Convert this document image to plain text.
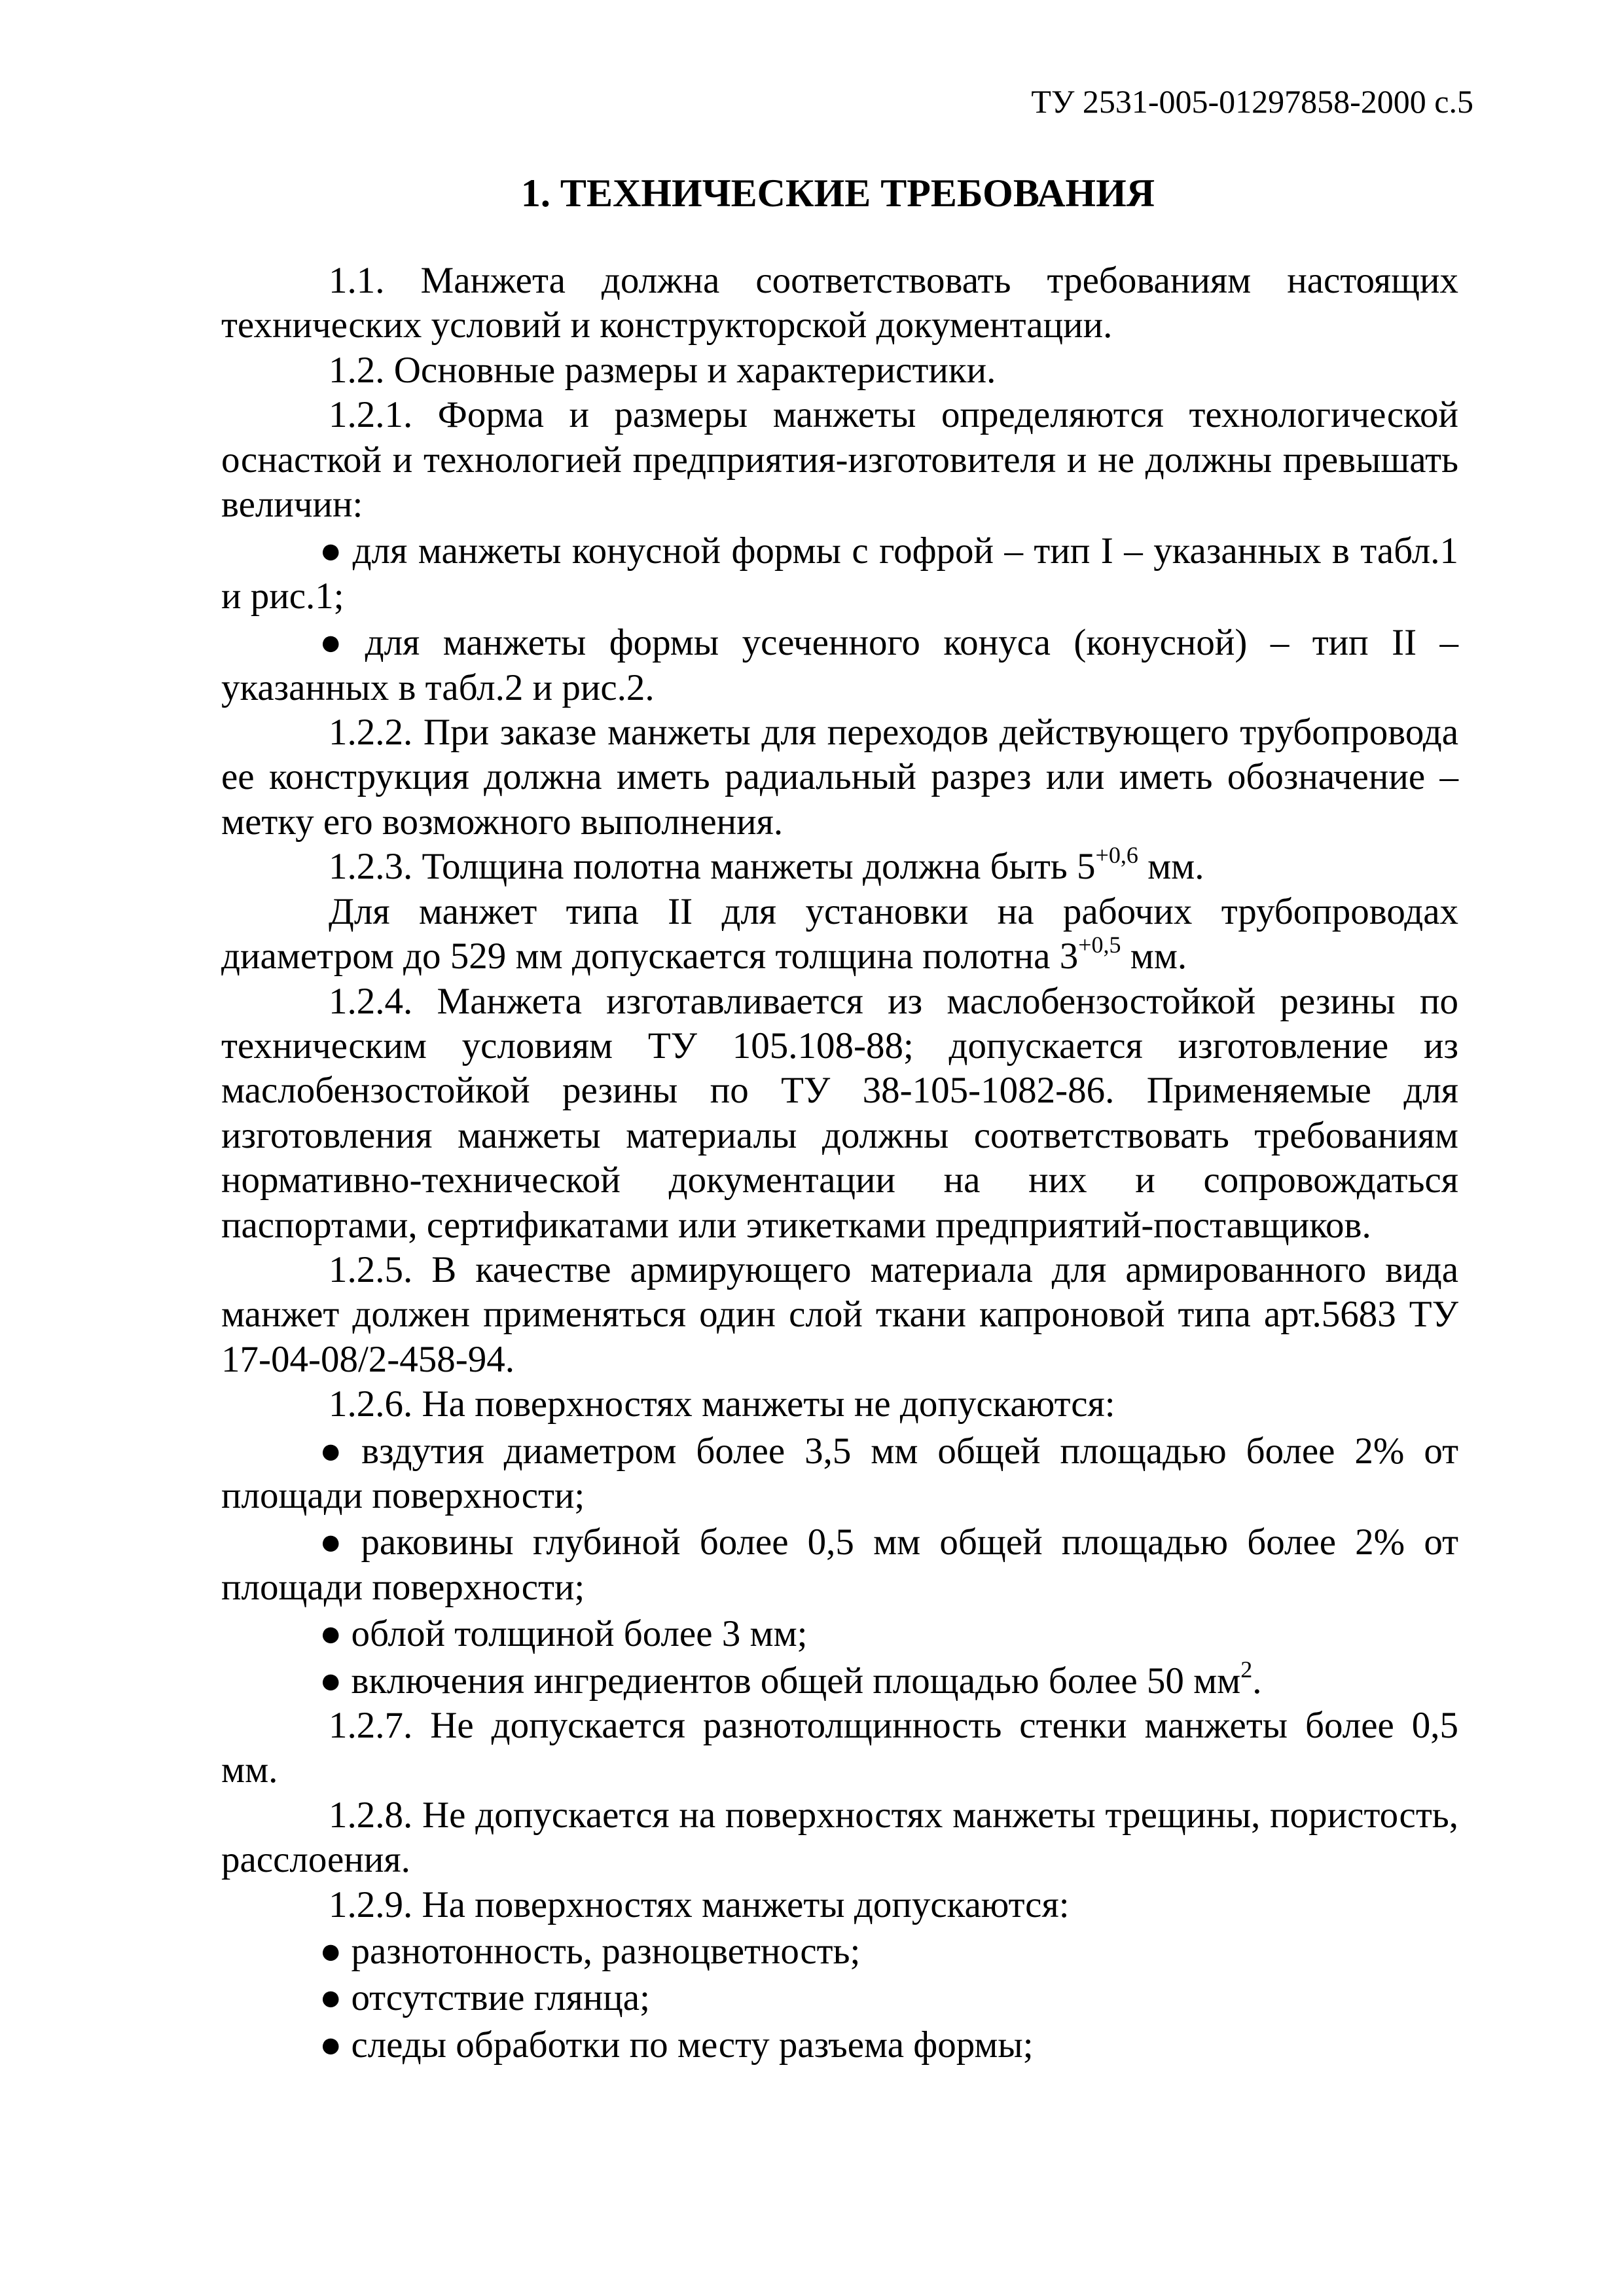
ТУ 2531-005-01297858-2000 с.5
1. ТЕХНИЧЕСКИЕ ТРЕБОВАНИЯ

1.1. Манжета должна соответствовать требованиям настоящих технических условий и конструкторской документации.

1.2. Основные размеры и характеристики.

1.2.1. Форма и размеры манжеты определяются технологической оснасткой и технологией предприятия-изготовителя и не должны превышать величин:

● для манжеты конусной формы с гофрой – тип I – указанных в табл.1 и рис.1;

● для манжеты формы усеченного конуса (конусной) – тип II – указанных в табл.2 и рис.2.

1.2.2. При заказе манжеты для переходов действующего трубопровода ее конструкция должна иметь радиальный разрез или иметь обозначение – метку его возможного выполнения.

1.2.3. Толщина полотна манжеты должна быть $5^{+0,6}$ мм.

Для манжет типа II для установки на рабочих трубопроводах диаметром до 529 мм допускается толщина полотна $3^{+0,5}$ мм.

1.2.4. Манжета изготавливается из маслобензостойкой резины по техническим условиям ТУ 105.108-88; допускается изготовление из маслобензостойкой резины по ТУ 38-105-1082-86. Применяемые для изготовления манжеты материалы должны соответствовать требованиям нормативно-технической документации на них и сопровождаться паспортами, сертификатами или этикетками предприятий-поставщиков.

1.2.5. В качестве армирующего материала для армированного вида манжет должен применяться один слой ткани капроновой типа арт.5683 ТУ 17-04-08/2-458-94.

1.2.6. На поверхностях манжеты не допускаются:

● вздутия диаметром более 3,5 мм общей площадью более 2% от площади поверхности;

● раковины глубиной более 0,5 мм общей площадью более 2% от площади поверхности;

● облой толщиной более 3 мм;

● включения ингредиентов общей площадью более 50 $мм^2$.

1.2.7. Не допускается разнотолщинность стенки манжеты более 0,5 мм.

1.2.8. Не допускается на поверхностях манжеты трещины, пористость, расслоения.

1.2.9. На поверхностях манжеты допускаются:

● разнотонность, разноцветность;

● отсутствие глянца;

● следы обработки по месту разъема формы;
